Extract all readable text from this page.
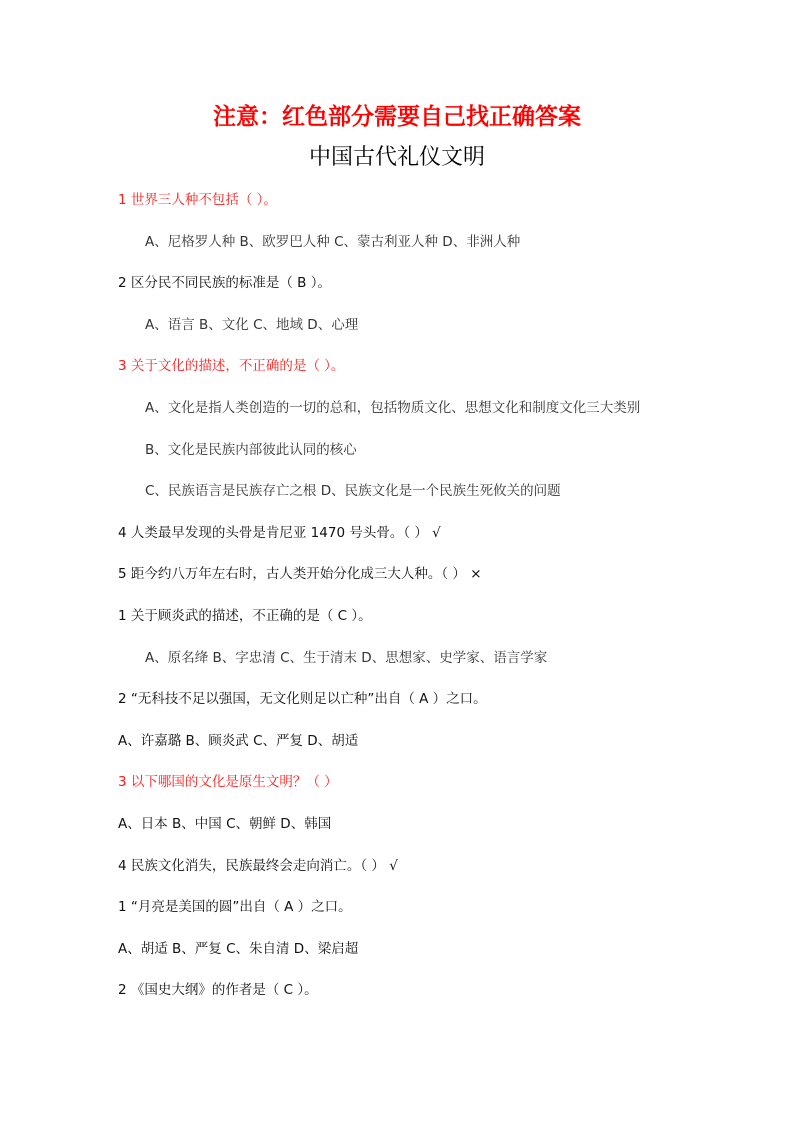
注意：红色部分需要自己找正确答案
中国古代礼仪文明
1 世界三人种不包括（ ）。
A、尼格罗人种 B、欧罗巴人种 C、蒙古利亚人种 D、非洲人种
2 区分民不同民族的标准是（ B ）。
A、语言 B、文化 C、地域 D、心理
3 关于文化的描述，不正确的是（ ）。
A、文化是指人类创造的一切的总和，包括物质文化、思想文化和制度文化三大类别
B、文化是民族内部彼此认同的核心
C、民族语言是民族存亡之根 D、民族文化是一个民族生死攸关的问题
4 人类最早发现的头骨是肯尼亚 1470 号头骨。（ ） √
5 距今约八万年左右时，古人类开始分化成三大人种。（ ） ×
1 关于顾炎武的描述，不正确的是（ C ）。
A、原名绛 B、字忠清 C、生于清末 D、思想家、史学家、语言学家
2 “无科技不足以强国，无文化则足以亡种”出自（ A ）之口。
A、许嘉璐 B、顾炎武 C、严复 D、胡适
3 以下哪国的文化是原生文明？（ ）
A、日本 B、中国 C、朝鲜 D、韩国
4 民族文化消失，民族最终会走向消亡。（ ） √
1 “月亮是美国的圆”出自（ A ）之口。
A、胡适 B、严复 C、朱自清 D、梁启超
2 《国史大纲》的作者是（ C ）。
